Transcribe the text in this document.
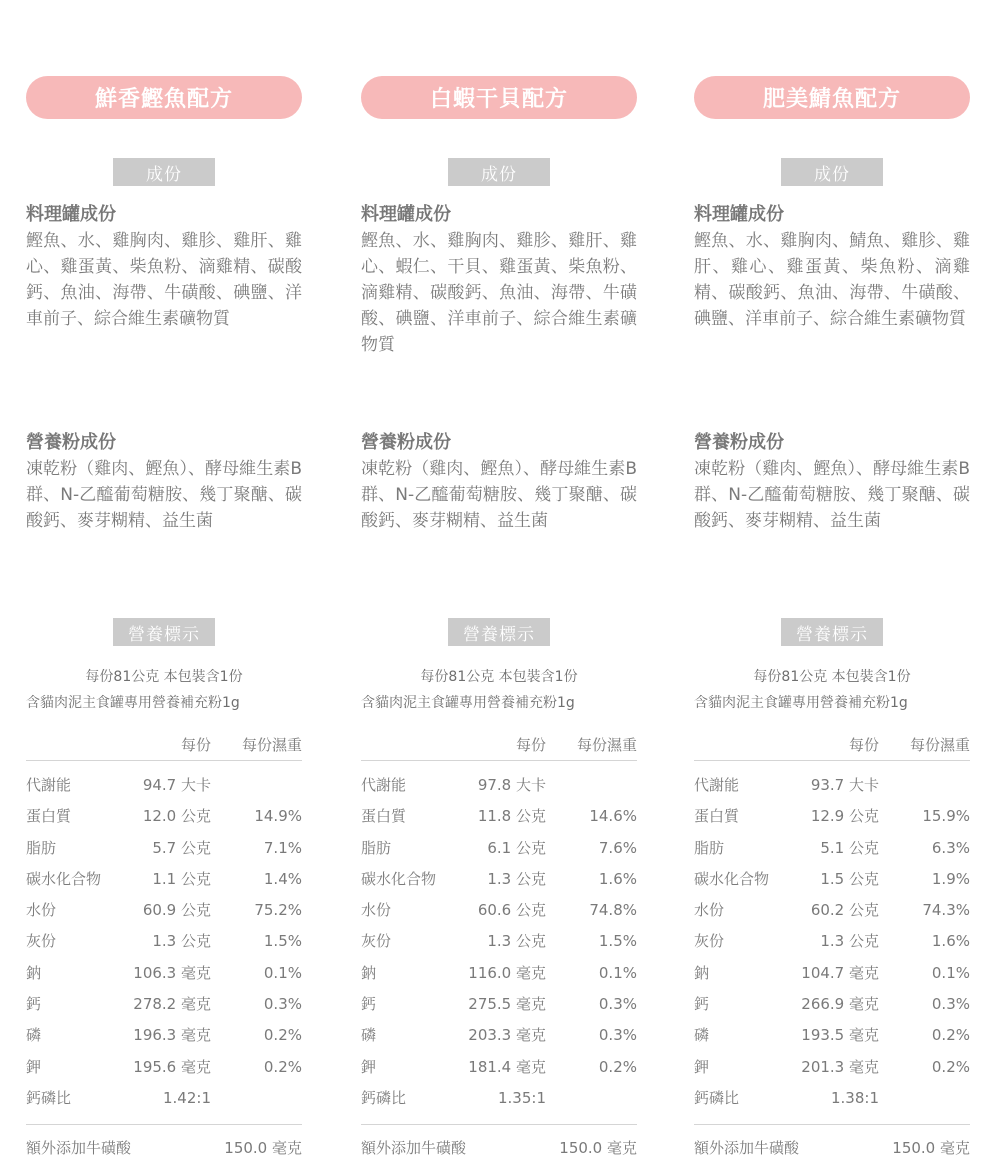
鮮香鰹魚配方
成份
料理罐成份
鰹魚、水、雞胸肉、雞胗、雞肝、雞心、雞蛋黃、柴魚粉、滴雞精、碳酸鈣、魚油、海帶、牛磺酸、碘鹽、洋車前子、綜合維生素礦物質
營養粉成份
凍乾粉（雞肉、鰹魚）、酵母維生素B群、N-乙醯葡萄糖胺、幾丁聚醣、碳酸鈣、麥芽糊精、益生菌
營養標示
每份81公克 本包裝含1份

含貓肉泥主食罐專用營養補充粉1g
每份 每份濕重
代謝能	94.7 大卡
蛋白質	12.0 公克	14.9%
脂肪	5.7 公克	7.1%
碳水化合物	1.1 公克	1.4%
水份	60.9 公克	75.2%
灰份	1.3 公克	1.5%
鈉	106.3 毫克	0.1%
鈣	278.2 毫克	0.3%
磷	196.3 毫克	0.2%
鉀	195.6 毫克	0.2%
鈣磷比	1.42:1
額外添加牛磺酸	150.0 毫克
白蝦干貝配方
成份
料理罐成份
鰹魚、水、雞胸肉、雞胗、雞肝、雞心、蝦仁、干貝、雞蛋黃、柴魚粉、滴雞精、碳酸鈣、魚油、海帶、牛磺酸、碘鹽、洋車前子、綜合維生素礦物質
營養粉成份
凍乾粉（雞肉、鰹魚）、酵母維生素B群、N-乙醯葡萄糖胺、幾丁聚醣、碳酸鈣、麥芽糊精、益生菌
營養標示
每份81公克 本包裝含1份

含貓肉泥主食罐專用營養補充粉1g
每份 每份濕重
代謝能	97.8 大卡
蛋白質	11.8 公克	14.6%
脂肪	6.1 公克	7.6%
碳水化合物	1.3 公克	1.6%
水份	60.6 公克	74.8%
灰份	1.3 公克	1.5%
鈉	116.0 毫克	0.1%
鈣	275.5 毫克	0.3%
磷	203.3 毫克	0.3%
鉀	181.4 毫克	0.2%
鈣磷比	1.35:1
額外添加牛磺酸	150.0 毫克
肥美鯖魚配方
成份
料理罐成份
鰹魚、水、雞胸肉、鯖魚、雞胗、雞肝、雞心、雞蛋黃、柴魚粉、滴雞精、碳酸鈣、魚油、海帶、牛磺酸、碘鹽、洋車前子、綜合維生素礦物質
營養粉成份
凍乾粉（雞肉、鰹魚）、酵母維生素B群、N-乙醯葡萄糖胺、幾丁聚醣、碳酸鈣、麥芽糊精、益生菌
營養標示
每份81公克 本包裝含1份

含貓肉泥主食罐專用營養補充粉1g
每份 每份濕重
代謝能	93.7 大卡
蛋白質	12.9 公克	15.9%
脂肪	5.1 公克	6.3%
碳水化合物	1.5 公克	1.9%
水份	60.2 公克	74.3%
灰份	1.3 公克	1.6%
鈉	104.7 毫克	0.1%
鈣	266.9 毫克	0.3%
磷	193.5 毫克	0.2%
鉀	201.3 毫克	0.2%
鈣磷比	1.38:1
額外添加牛磺酸	150.0 毫克
